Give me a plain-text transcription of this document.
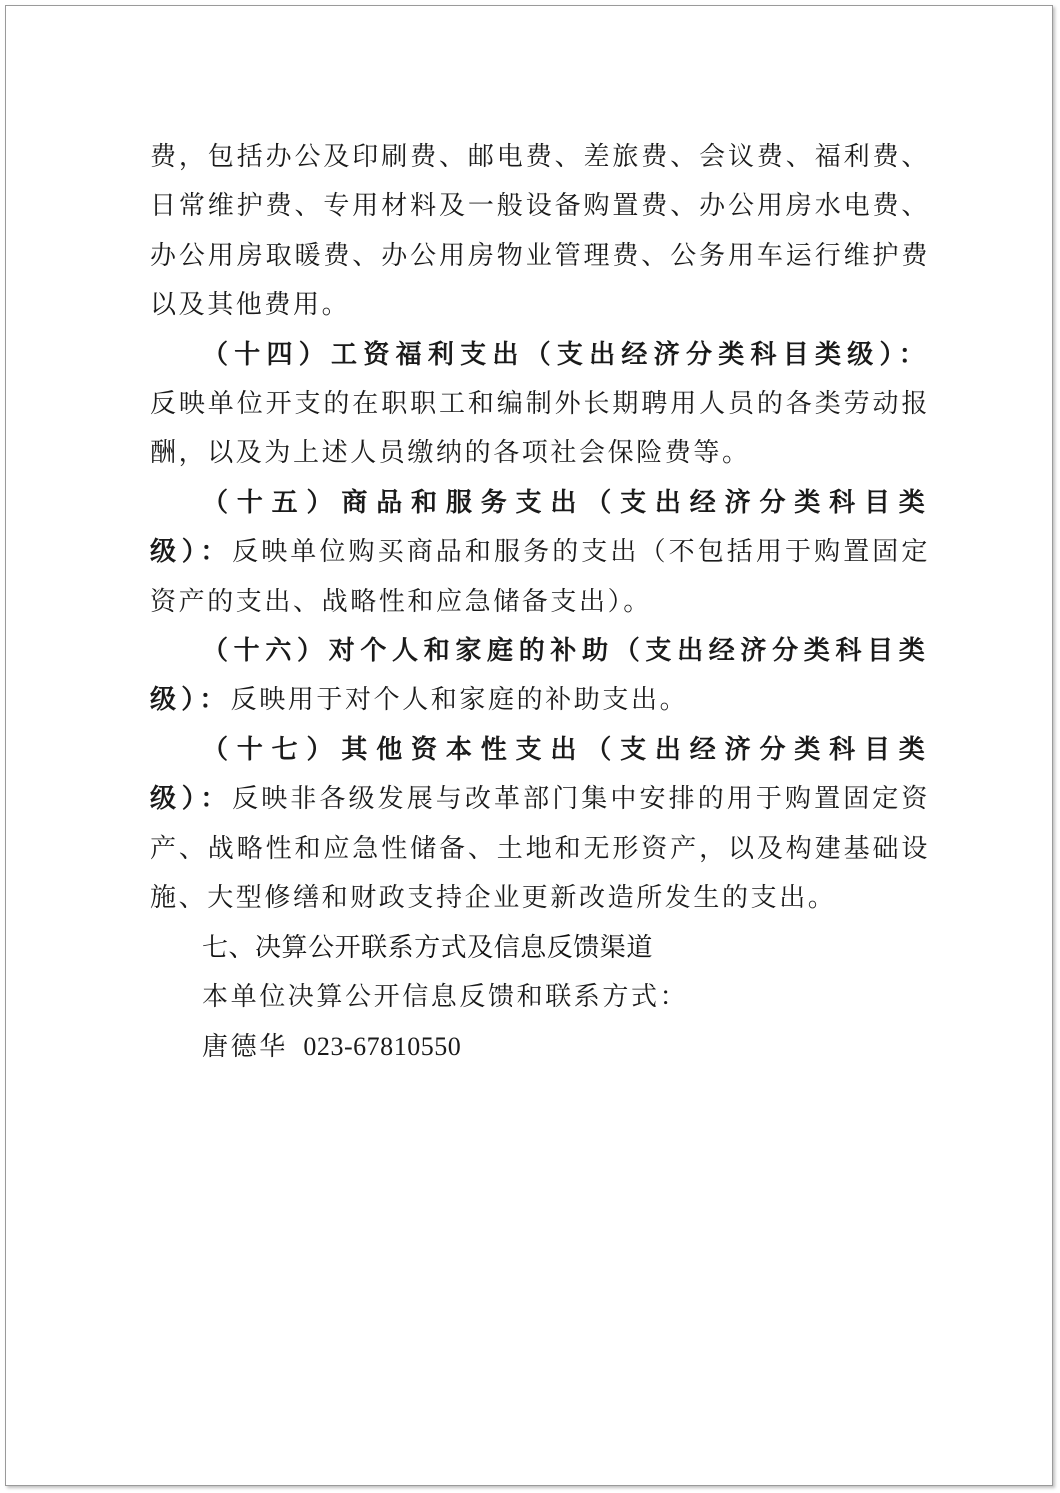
费，包括办公及印刷费、邮电费、差旅费、会议费、福利费、日常维护费、专用材料及一般设备购置费、办公用房水电费、办公用房取暖费、办公用房物业管理费、公务用车运行维护费以及其他费用。

（十四）工资福利支出（支出经济分类科目类级）：反映单位开支的在职职工和编制外长期聘用人员的各类劳动报酬，以及为上述人员缴纳的各项社会保险费等。

（十五）商品和服务支出（支出经济分类科目类级）：反映单位购买商品和服务的支出（不包括用于购置固定资产的支出、战略性和应急储备支出）。

（十六）对个人和家庭的补助（支出经济分类科目类级）：反映用于对个人和家庭的补助支出。

（十七）其他资本性支出（支出经济分类科目类级）：反映非各级发展与改革部门集中安排的用于购置固定资产、战略性和应急性储备、土地和无形资产，以及构建基础设施、大型修缮和财政支持企业更新改造所发生的支出。

七、决算公开联系方式及信息反馈渠道

本单位决算公开信息反馈和联系方式：

唐德华 023-67810550
